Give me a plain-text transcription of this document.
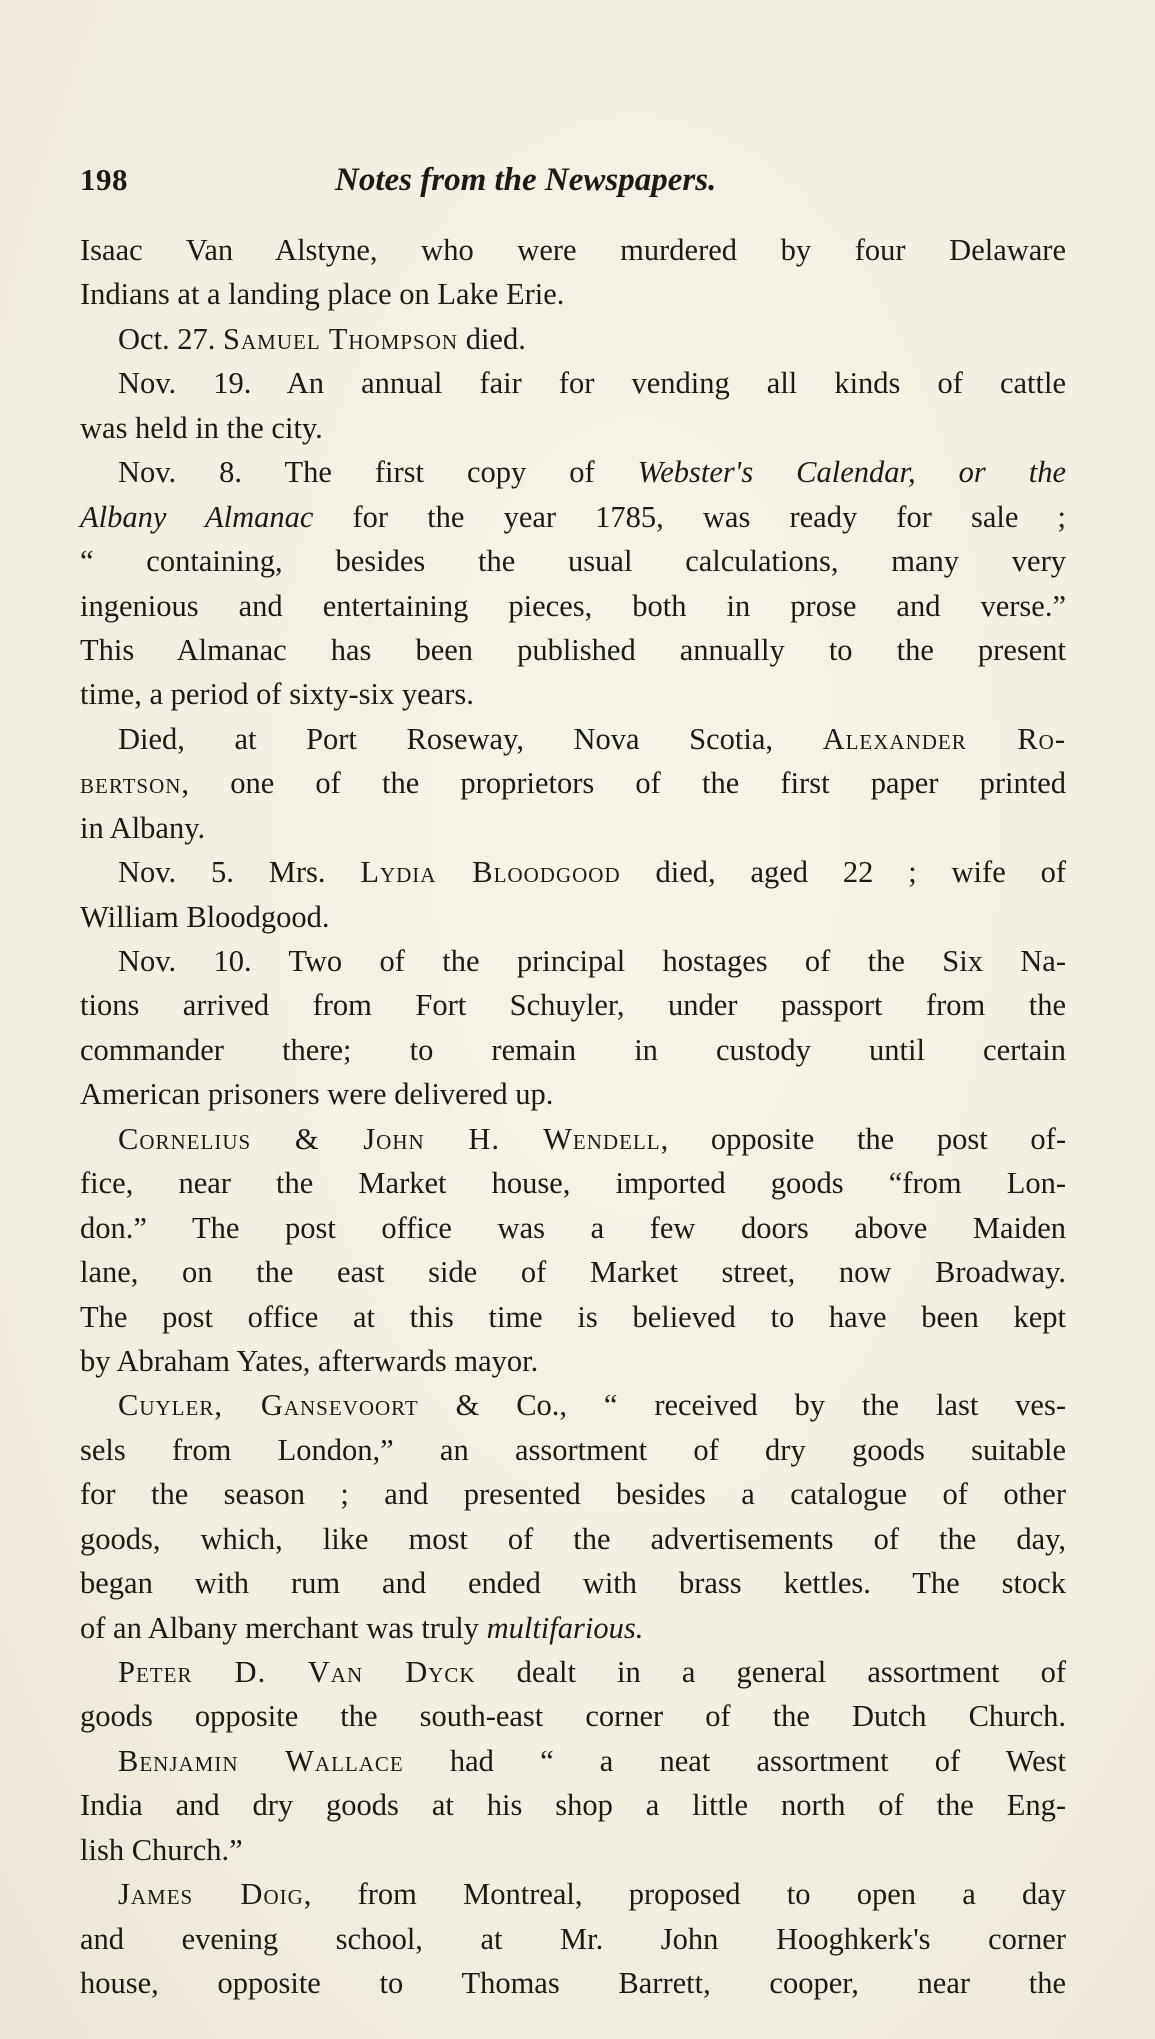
198	Notes from the Newspapers.
Isaac Van Alstyne, who were murdered by four Delaware
Indians at a landing place on Lake Erie.
Oct. 27. Samuel Thompson died.
Nov. 19. An annual fair for vending all kinds of cattle
was held in the city.
Nov. 8. The first copy of Webster's Calendar, or the
Albany Almanac for the year 1785, was ready for sale ;
“ containing, besides the usual calculations, many very
ingenious and entertaining pieces, both in prose and verse.”
This Almanac has been published annually to the present
time, a period of sixty-six years.
Died, at Port Roseway, Nova Scotia, Alexander Ro-
bertson, one of the proprietors of the first paper printed
in Albany.
Nov. 5. Mrs. Lydia Bloodgood died, aged 22 ; wife of
William Bloodgood.
Nov. 10. Two of the principal hostages of the Six Na-
tions arrived from Fort Schuyler, under passport from the
commander there; to remain in custody until certain
American prisoners were delivered up.
Cornelius & John H. Wendell, opposite the post of-
fice, near the Market house, imported goods “from Lon-
don.” The post office was a few doors above Maiden
lane, on the east side of Market street, now Broadway.
The post office at this time is believed to have been kept
by Abraham Yates, afterwards mayor.
Cuyler, Gansevoort & Co., “ received by the last ves-
sels from London,” an assortment of dry goods suitable
for the season ; and presented besides a catalogue of other
goods, which, like most of the advertisements of the day,
began with rum and ended with brass kettles. The stock
of an Albany merchant was truly multifarious.
Peter D. Van Dyck dealt in a general assortment of
goods opposite the south-east corner of the Dutch Church.
Benjamin Wallace had “ a neat assortment of West
India and dry goods at his shop a little north of the Eng-
lish Church.”
James Doig, from Montreal, proposed to open a day
and evening school, at Mr. John Hooghkerk's corner
house, opposite to Thomas Barrett, cooper, near the
